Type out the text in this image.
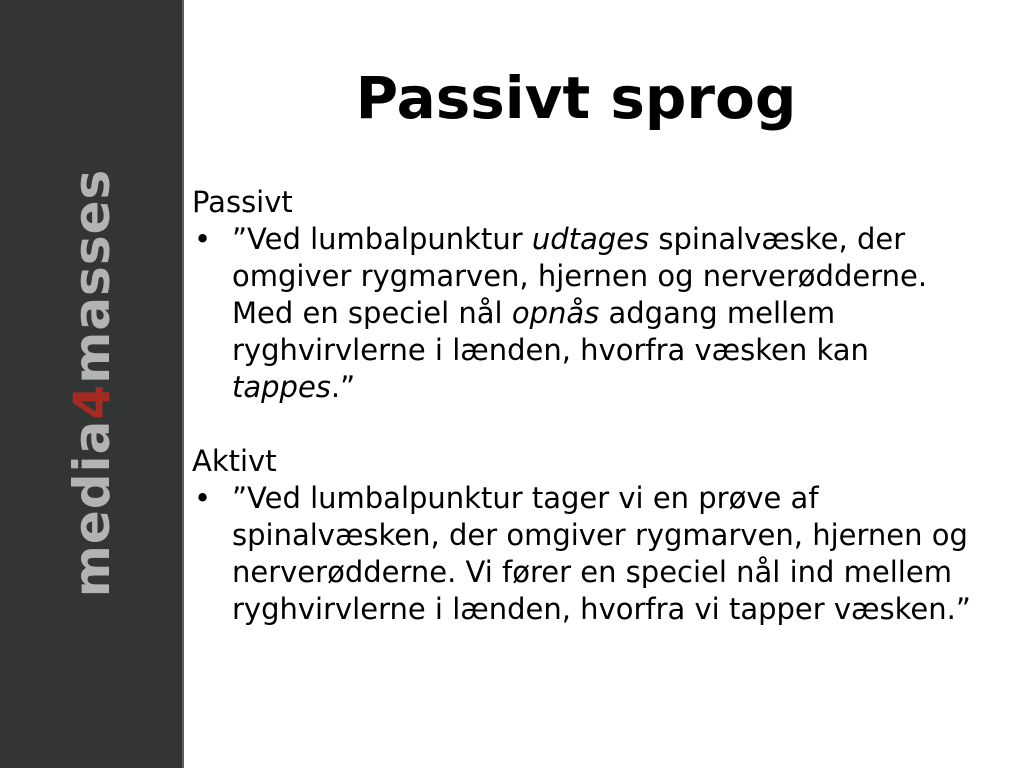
media4masses
Passivt sprog

Passivt

• ”Ved lumbalpunktur udtages spinalvæske, der omgiver rygmarven, hjernen og nerverødderne. Med en speciel nål opnås adgang mellem ryghvirvlerne i lænden, hvorfra væsken kan tappes.”

Aktivt

• ”Ved lumbalpunktur tager vi en prøve af spinalvæsken, der omgiver rygmarven, hjernen og nerverødderne. Vi fører en speciel nål ind mellem ryghvirvlerne i lænden, hvorfra vi tapper væsken.”
